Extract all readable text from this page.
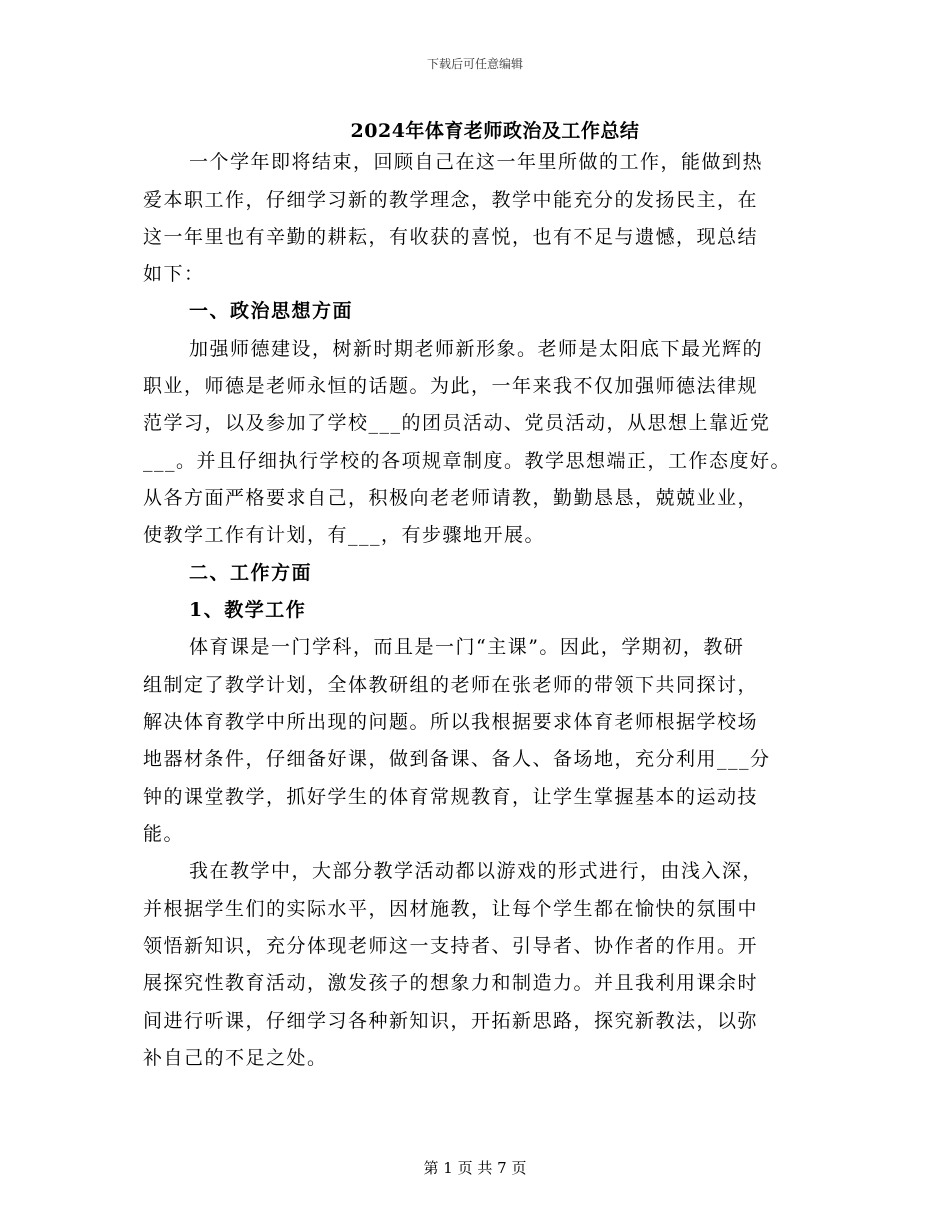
下载后可任意编辑
2024年体育老师政治及工作总结
一个学年即将结束，回顾自己在这一年里所做的工作，能做到热
爱本职工作，仔细学习新的教学理念，教学中能充分的发扬民主，在
这一年里也有辛勤的耕耘，有收获的喜悦，也有不足与遗憾，现总结
如下：
一、政治思想方面
加强师德建设，树新时期老师新形象。老师是太阳底下最光辉的
职业，师德是老师永恒的话题。为此，一年来我不仅加强师德法律规
范学习，以及参加了学校___的团员活动、党员活动，从思想上靠近党
___。并且仔细执行学校的各项规章制度。教学思想端正，工作态度好。
从各方面严格要求自己，积极向老老师请教，勤勤恳恳，兢兢业业，
使教学工作有计划，有___，有步骤地开展。
二、工作方面
1、教学工作
体育课是一门学科，而且是一门“主课”。因此，学期初，教研
组制定了教学计划，全体教研组的老师在张老师的带领下共同探讨，
解决体育教学中所出现的问题。所以我根据要求体育老师根据学校场
地器材条件，仔细备好课，做到备课、备人、备场地，充分利用___分
钟的课堂教学，抓好学生的体育常规教育，让学生掌握基本的运动技
能。
我在教学中，大部分教学活动都以游戏的形式进行，由浅入深，
并根据学生们的实际水平，因材施教，让每个学生都在愉快的氛围中
领悟新知识，充分体现老师这一支持者、引导者、协作者的作用。开
展探究性教育活动，激发孩子的想象力和制造力。并且我利用课余时
间进行听课，仔细学习各种新知识，开拓新思路，探究新教法，以弥
补自己的不足之处。
第 1 页 共 7 页
